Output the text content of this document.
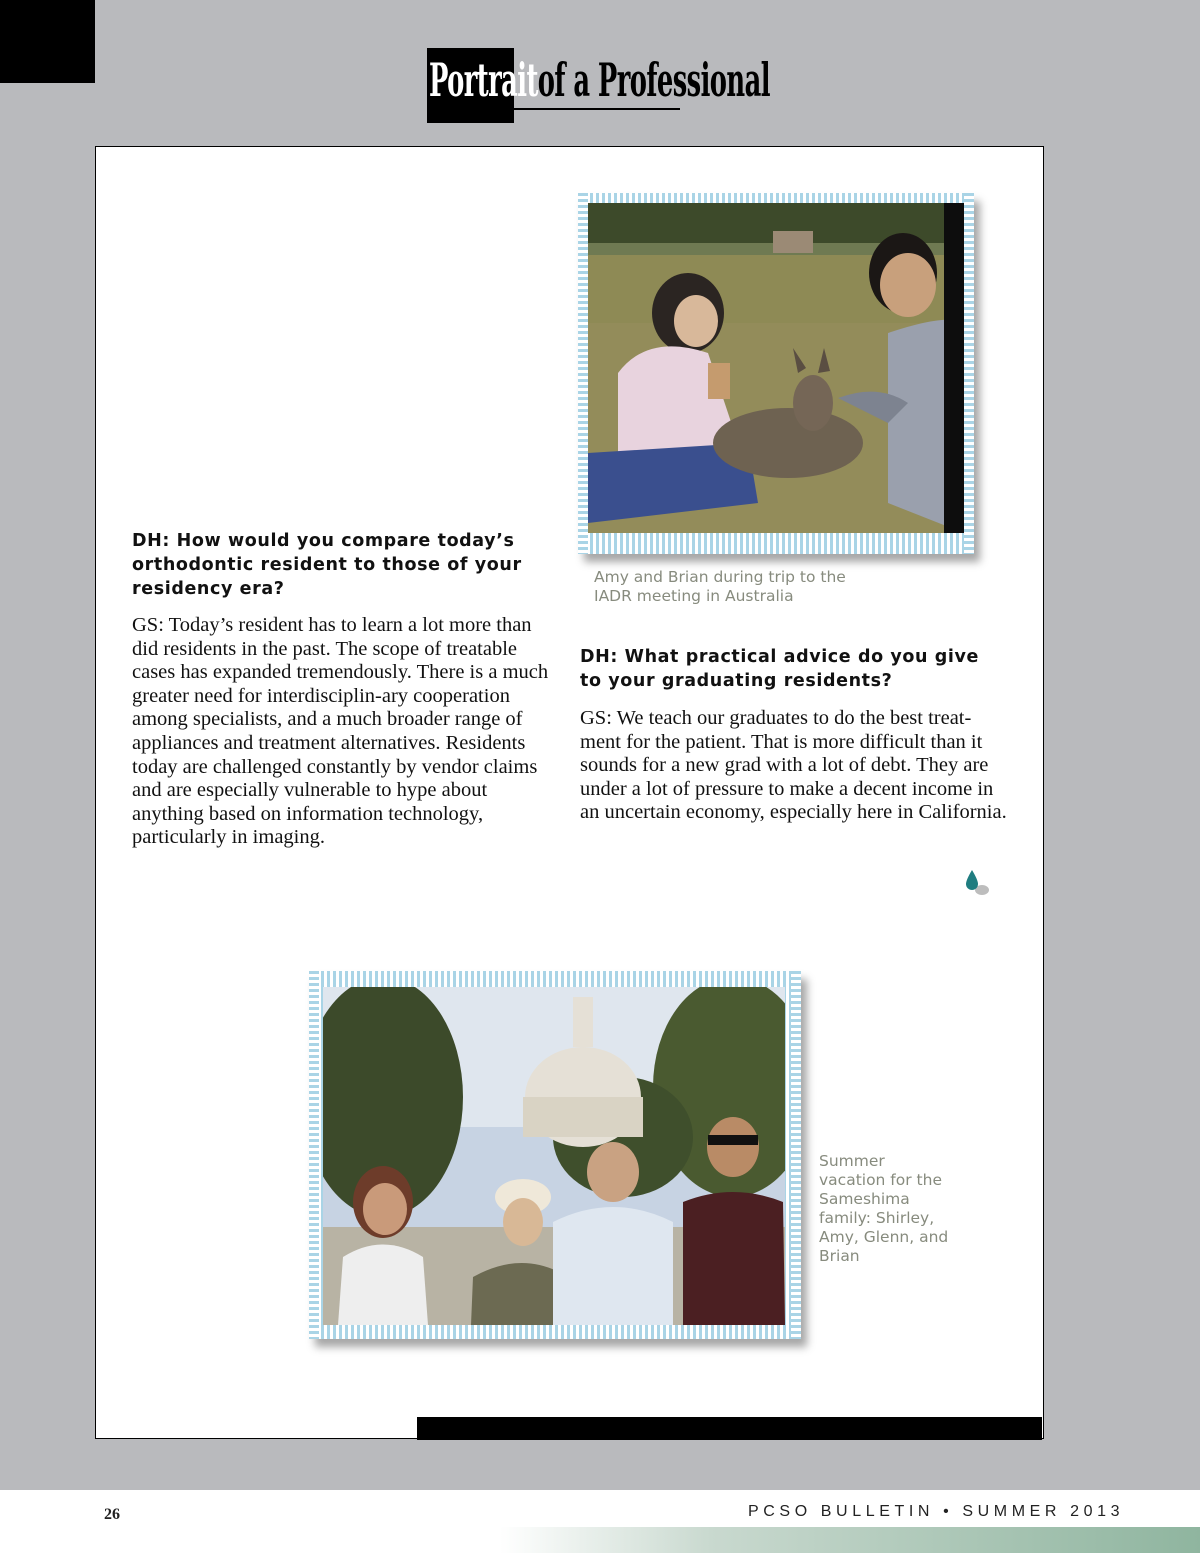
Portraitof a Professional
Amy and Brian during trip to the IADR meeting in Australia
DH: How would you compare today’s orthodontic resident to those of your residency era?
GS: Today’s resident has to learn a lot more than did residents in the past. The scope of treatable cases has expanded tremendously. There is a much greater need for interdisciplin-ary cooperation among specialists, and a much broader range of appliances and treatment alternatives. Residents today are challenged constantly by vendor claims and are especially vulnerable to hype about anything based on information technology, particularly in imaging.
DH: What practical advice do you give to your graduating residents?
GS: We teach our graduates to do the best treat-ment for the patient. That is more difficult than it sounds for a new grad with a lot of debt. They are under a lot of pressure to make a decent income in an uncertain economy, especially here in California.
Summer vacation for the Sameshima family: Shirley, Amy, Glenn, and Brian
26	PCSO BULLETIN • SUMMER 2013
